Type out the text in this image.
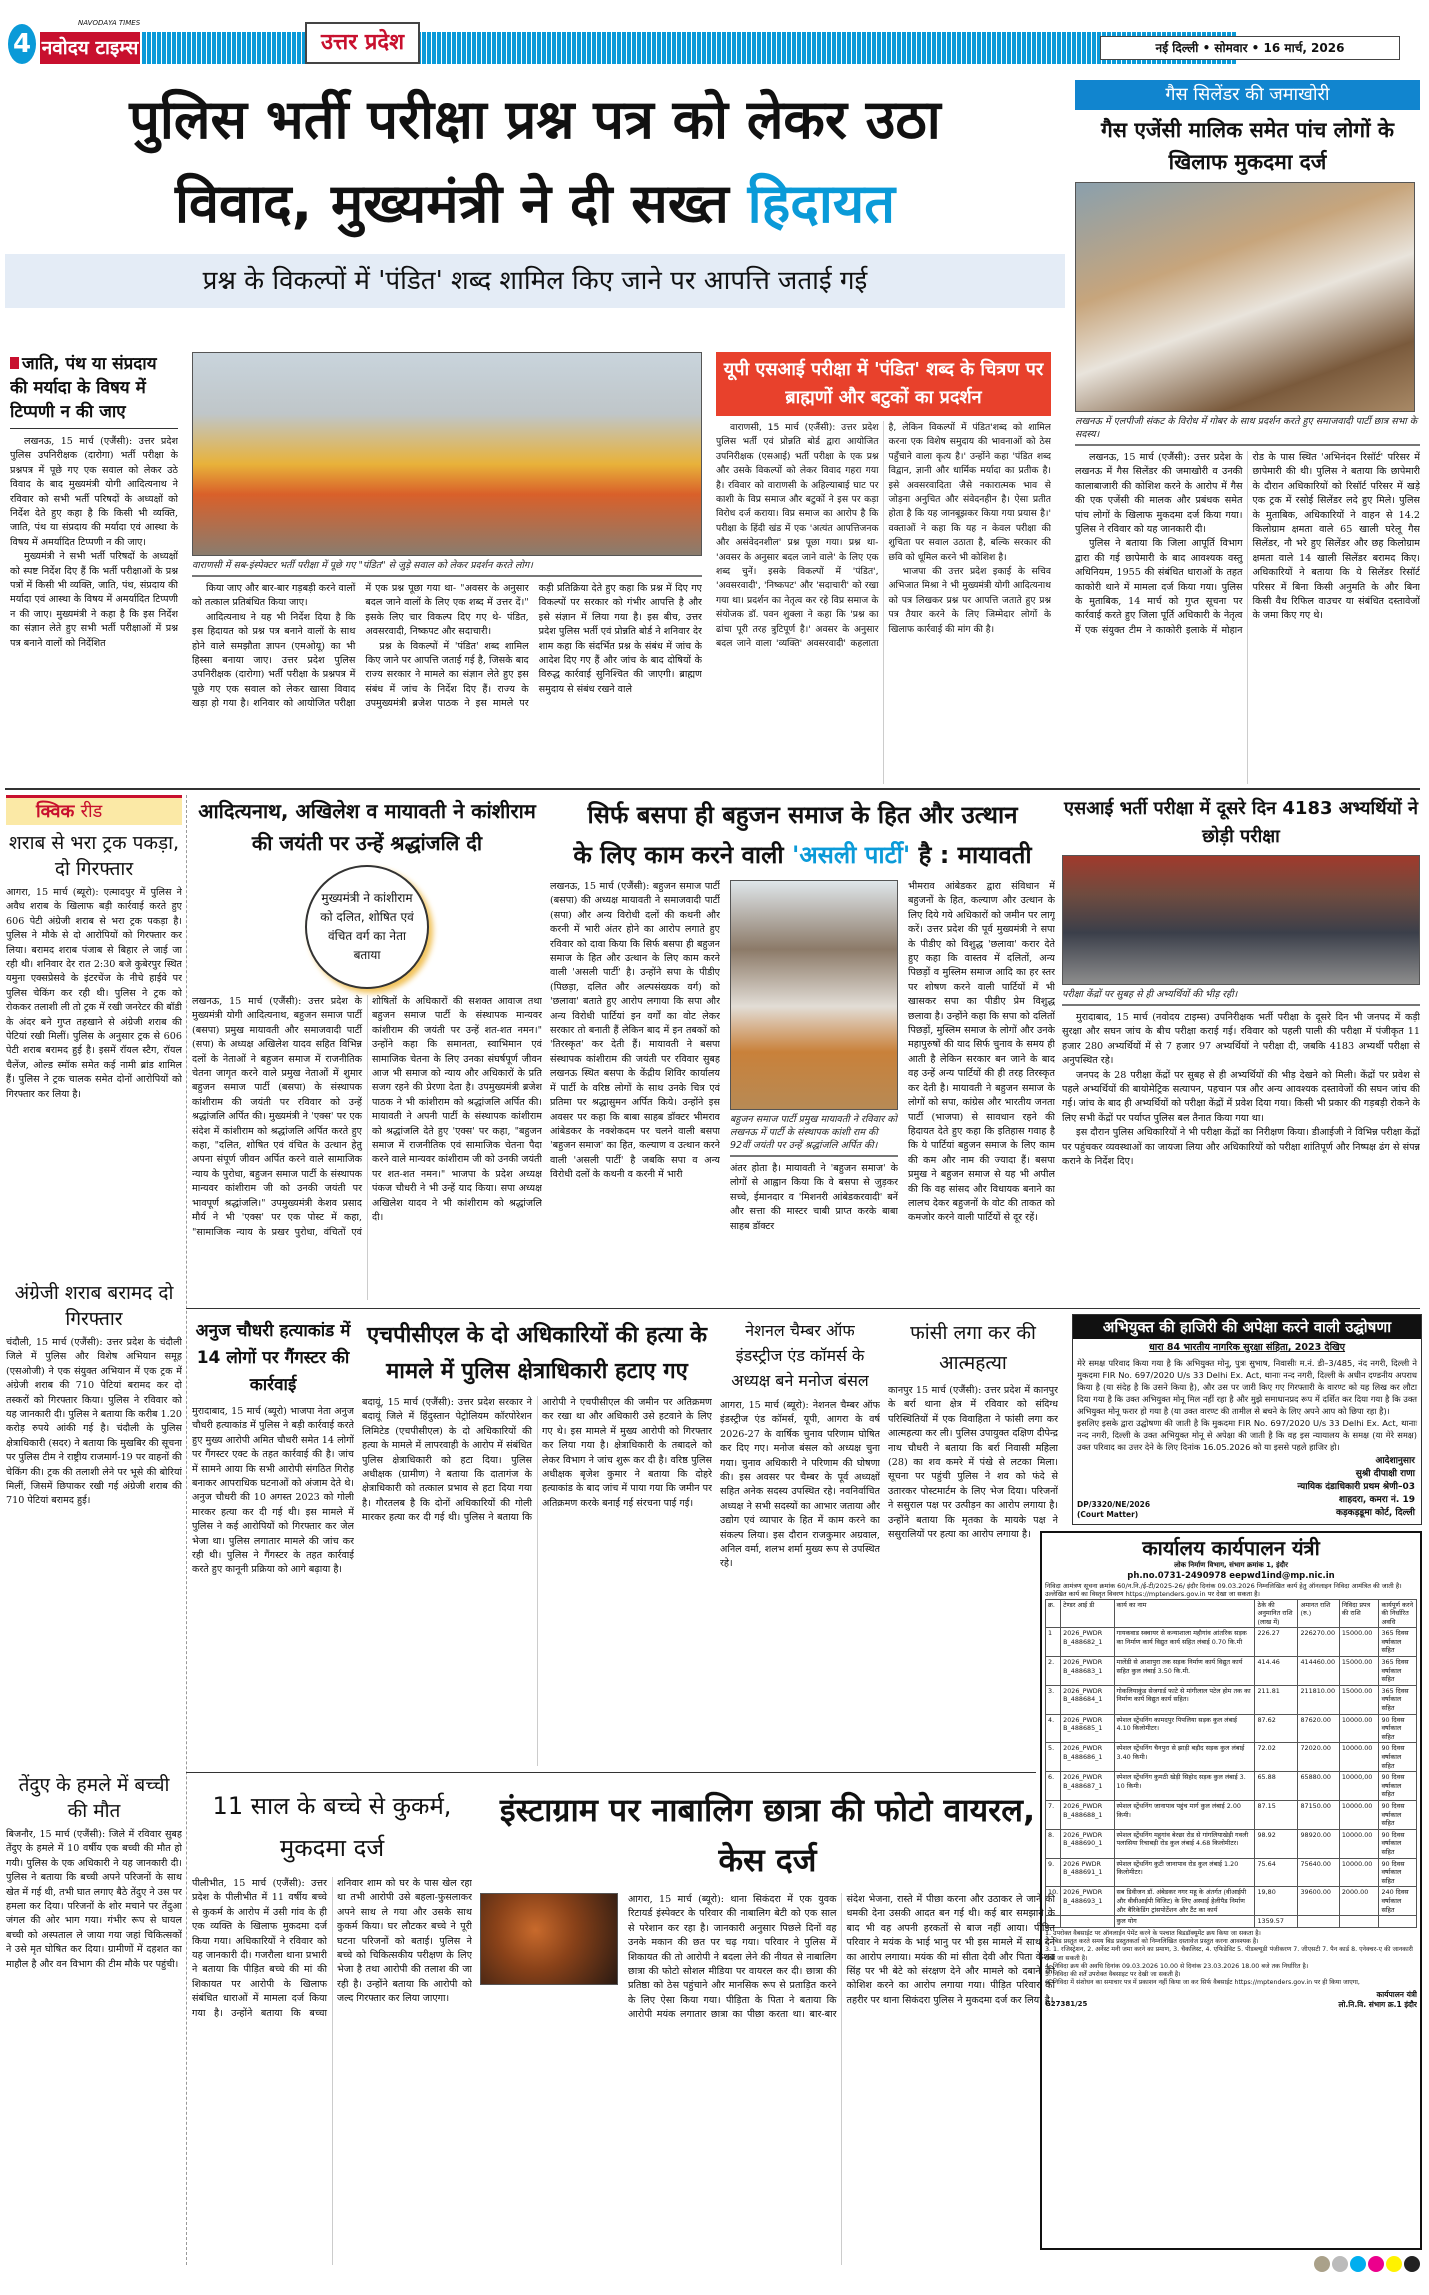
4
NAVODAYA TIMES
नवोदय टाइम्स	उत्तर प्रदेश	नई दिल्ली • सोमवार • 16 मार्च, 2026
पुलिस भर्ती परीक्षा प्रश्न पत्र को लेकर उठा
विवाद, मुख्यमंत्री ने दी सख्त हिदायत
प्रश्न के विकल्पों में 'पंडित' शब्द शामिल किए जाने पर आपत्ति जताई गई
जाति, पंथ या संप्रदाय की मर्यादा के विषय में टिप्पणी न की जाए

लखनऊ, 15 मार्च (एजैंसी): उत्तर प्रदेश पुलिस उपनिरीक्षक (दारोगा) भर्ती परीक्षा के प्रश्नपत्र में पूछे गए एक सवाल को लेकर उठे विवाद के बाद मुख्यमंत्री योगी आदित्यनाथ ने रविवार को सभी भर्ती परिषदों के अध्यक्षों को निर्देश देते हुए कहा है कि किसी भी व्यक्ति, जाति, पंथ या संप्रदाय की मर्यादा एवं आस्था के विषय में अमर्यादित टिप्पणी न की जाए।

मुख्यमंत्री ने सभी भर्ती परिषदों के अध्यक्षों को स्पष्ट निर्देश दिए हैं कि भर्ती परीक्षाओं के प्रश्न पत्रों में किसी भी व्यक्ति, जाति, पंथ, संप्रदाय की मर्यादा एवं आस्था के विषय में अमर्यादित टिप्पणी न की जाए। मुख्यमंत्री ने कहा है कि इस निर्देश का संज्ञान लेते हुए सभी भर्ती परीक्षाओं में प्रश्न पत्र बनाने वालों को निर्देशित

वाराणसी में सब-इंस्पेक्टर भर्ती परीक्षा में पूछे गए "पंडित" से जुड़े सवाल को लेकर प्रदर्शन करते लोग।

किया जाए और बार-बार गड़बड़ी करने वालों को तत्काल प्रतिबंधित किया जाए।

आदित्यनाथ ने यह भी निर्देश दिया है कि इस हिदायत को प्रश्न पत्र बनाने वालों के साथ होने वाले समझौता ज्ञापन (एमओयू) का भी हिस्सा बनाया जाए। उत्तर प्रदेश पुलिस उपनिरीक्षक (दारोगा) भर्ती परीक्षा के प्रश्नपत्र में पूछे गए एक सवाल को लेकर खासा विवाद खड़ा हो गया है। शनिवार को आयोजित परीक्षा में एक प्रश्न पूछा गया था- "अवसर के अनुसार बदल जाने वालों के लिए एक शब्द में उत्तर दें।" इसके लिए चार विकल्प दिए गए थे- पंडित, अवसरवादी, निष्कपट और सदाचारी।

प्रश्न के विकल्पों में 'पंडित' शब्द शामिल किए जाने पर आपत्ति जताई गई है, जिसके बाद राज्य सरकार ने मामले का संज्ञान लेते हुए इस संबंध में जांच के निर्देश दिए हैं। राज्य के उपमुख्यमंत्री ब्रजेश पाठक ने इस मामले पर कड़ी प्रतिक्रिया देते हुए कहा कि प्रश्न में दिए गए विकल्पों पर सरकार को गंभीर आपत्ति है और इसे संज्ञान में लिया गया है। इस बीच, उत्तर प्रदेश पुलिस भर्ती एवं प्रोन्नति बोर्ड ने शनिवार देर शाम कहा कि संदर्भित प्रश्न के संबंध में जांच के आदेश दिए गए हैं और जांच के बाद दोषियों के विरुद्ध कार्रवाई सुनिश्चित की जाएगी। ब्राह्मण समुदाय से संबंध रखने वाले

यूपी एसआई परीक्षा में 'पंडित' शब्द के चित्रण पर ब्राह्मणों और बटुकों का प्रदर्शन

वाराणसी, 15 मार्च (एजैंसी): उत्तर प्रदेश पुलिस भर्ती एवं प्रोन्नति बोर्ड द्वारा आयोजित उपनिरीक्षक (एसआई) भर्ती परीक्षा के एक प्रश्न और उसके विकल्पों को लेकर विवाद गहरा गया है। रविवार को वाराणसी के अहिल्याबाई घाट पर काशी के विप्र समाज और बटुकों ने इस पर कड़ा विरोध दर्ज कराया। विप्र समाज का आरोप है कि परीक्षा के हिंदी खंड में एक 'अत्यंत आपत्तिजनक और असंवेदनशील' प्रश्न पूछा गया। प्रश्न था- 'अवसर के अनुसार बदल जाने वाले' के लिए एक शब्द चुनें। इसके विकल्पों में 'पंडित', 'अवसरवादी', 'निष्कपट' और 'सदाचारी' को रखा गया था। प्रदर्शन का नेतृत्व कर रहे विप्र समाज के संयोजक डॉ. पवन शुक्ला ने कहा कि 'प्रश्न का ढांचा पूरी तरह त्रुटिपूर्ण है।' अवसर के अनुसार बदल जाने वाला 'व्यक्ति' अवसरवादी' कहलाता है, लेकिन विकल्पों में पंडित'शब्द को शामिल करना एक विशेष समुदाय की भावनाओं को ठेस पहुँचाने वाला कृत्य है।' उन्होंने कहा 'पंडित शब्द विद्वान, ज्ञानी और धार्मिक मर्यादा का प्रतीक है। इसे अवसरवादिता जैसे नकारात्मक भाव से जोड़ना अनुचित और संवेदनहीन है। ऐसा प्रतीत होता है कि यह जानबूझकर किया गया प्रयास है।' वक्ताओं ने कहा कि यह न केवल परीक्षा की शुचिता पर सवाल उठाता है, बल्कि सरकार की छवि को धूमिल करने भी कोशिश है।

भाजपा की उत्तर प्रदेश इकाई के सचिव अभिजात मिश्रा ने भी मुख्यमंत्री योगी आदित्यनाथ को पत्र लिखकर प्रश्न पर आपत्ति जताते हुए प्रश्न पत्र तैयार करने के लिए जिम्मेदार लोगों के खिलाफ कार्रवाई की मांग की है।

गैस सिलेंडर की जमाखोरी
गैस एजेंसी मालिक समेत पांच लोगों के खिलाफ मुकदमा दर्ज
लखनऊ में एलपीजी संकट के विरोध में गोबर के साथ प्रदर्शन करते हुए समाजवादी पार्टी छात्र सभा के सदस्य।

लखनऊ, 15 मार्च (एजैंसी): उत्तर प्रदेश के लखनऊ में गैस सिलेंडर की जमाखोरी व उनकी कालाबाजारी की कोशिश करने के आरोप में गैस की एक एजेंसी की मालक और प्रबंधक समेत पांच लोगों के खिलाफ मुकदमा दर्ज किया गया। पुलिस ने रविवार को यह जानकारी दी।

पुलिस ने बताया कि जिला आपूर्ति विभाग द्वारा की गई छापेमारी के बाद आवश्यक वस्तु अधिनियम, 1955 की संबंधित धाराओं के तहत काकोरी थाने में मामला दर्ज किया गया। पुलिस के मुताबिक, 14 मार्च को गुप्त सूचना पर कार्रवाई करते हुए जिला पूर्ति अधिकारी के नेतृत्व में एक संयुक्त टीम ने काकोरी इलाके में मोहान रोड के पास स्थित 'अभिनंदन रिसॉर्ट' परिसर में छापेमारी की थी। पुलिस ने बताया कि छापेमारी के दौरान अधिकारियों को रिसॉर्ट परिसर में खड़े एक ट्रक में रसोई सिलेंडर लदे हुए मिले। पुलिस के मुताबिक, अधिकारियों ने वाहन से 14.2 किलोग्राम क्षमता वाले 65 खाली घरेलू गैस सिलेंडर, नौ भरे हुए सिलेंडर और छह किलोग्राम क्षमता वाले 14 खाली सिलेंडर बरामद किए। अधिकारियों ने बताया कि ये सिलेंडर रिसॉर्ट परिसर में बिना किसी अनुमति के और बिना किसी वैध रिफिल वाउचर या संबंधित दस्तावेजों के जमा किए गए थे।

क्विक रीड
शराब से भरा ट्रक पकड़ा, दो गिरफ्तार
आगरा, 15 मार्च (ब्यूरो): एत्मादपुर में पुलिस ने अवैध शराब के खिलाफ बड़ी कार्रवाई करते हुए 606 पेटी अंग्रेजी शराब से भरा ट्रक पकड़ा है। पुलिस ने मौके से दो आरोपियों को गिरफ्तार कर लिया। बरामद शराब पंजाब से बिहार ले जाई जा रही थी। शनिवार देर रात 2:30 बजे कुबेरपुर स्थित यमुना एक्सप्रेसवे के इंटरचेंज के नीचे हाईवे पर पुलिस चेकिंग कर रही थी। पुलिस ने ट्रक को रोककर तलाशी ली तो ट्रक में रखी जनरेटर की बॉडी के अंदर बने गुप्त तहखाने से अंग्रेजी शराब की पेटियां रखी मिलीं। पुलिस के अनुसार ट्रक से 606 पेटी शराब बरामद हुई है। इसमें रॉयल स्टैग, रॉयल चैलेंज, ओल्ड स्मॉक समेत कई नामी ब्रांड शामिल हैं। पुलिस ने ट्रक चालक समेत दोनों आरोपियों को गिरफ्तार कर लिया है।
अंग्रेजी शराब बरामद दो गिरफ्तार
चंदौली, 15 मार्च (एजैंसी): उत्तर प्रदेश के चंदौली जिले में पुलिस और विशेष अभियान समूह (एसओजी) ने एक संयुक्त अभियान में एक ट्रक में अंग्रेजी शराब की 710 पेटियां बरामद कर दो तस्करों को गिरफ्तार किया। पुलिस ने रविवार को यह जानकारी दी। पुलिस ने बताया कि करीब 1.20 करोड़ रुपये आंकी गई है। चंदौली के पुलिस क्षेत्राधिकारी (सदर) ने बताया कि मुखबिर की सूचना पर पुलिस टीम ने राष्ट्रीय राजमार्ग-19 पर वाहनों की चेकिंग की। ट्रक की तलाशी लेने पर भूसे की बोरियां मिलीं, जिसमें छिपाकर रखी गई अंग्रेजी शराब की 710 पेटियां बरामद हुई।
तेंदुए के हमले में बच्ची की मौत
बिजनौर, 15 मार्च (एजैंसी): जिले में रविवार सुबह तेंदुए के हमले में 10 वर्षीय एक बच्ची की मौत हो गयी। पुलिस के एक अधिकारी ने यह जानकारी दी। पुलिस ने बताया कि बच्ची अपने परिजनों के साथ खेत में गई थी, तभी घात लगाए बैठे तेंदुए ने उस पर हमला कर दिया। परिजनों के शोर मचाने पर तेंदुआ जंगल की ओर भाग गया। गंभीर रूप से घायल बच्ची को अस्पताल ले जाया गया जहां चिकित्सकों ने उसे मृत घोषित कर दिया। ग्रामीणों में दहशत का माहौल है और वन विभाग की टीम मौके पर पहुंची।
आदित्यनाथ, अखिलेश व मायावती ने कांशीराम की जयंती पर उन्हें श्रद्धांजलि दी
मुख्यमंत्री ने कांशीराम को दलित, शोषित एवं वंचित वर्ग का नेता बताया
लखनऊ, 15 मार्च (एजैंसी): उत्तर प्रदेश के मुख्यमंत्री योगी आदित्यनाथ, बहुजन समाज पार्टी (बसपा) प्रमुख मायावती और समाजवादी पार्टी (सपा) के अध्यक्ष अखिलेश यादव सहित विभिन्न दलों के नेताओं ने बहुजन समाज में राजनीतिक चेतना जागृत करने वाले प्रमुख नेताओं में शुमार बहुजन समाज पार्टी (बसपा) के संस्थापक कांशीराम की जयंती पर रविवार को उन्हें श्रद्धांजलि अर्पित की। मुख्यमंत्री ने 'एक्स' पर एक संदेश में कांशीराम को श्रद्धांजलि अर्पित करते हुए कहा, "दलित, शोषित एवं वंचित के उत्थान हेतु अपना संपूर्ण जीवन अर्पित करने वाले सामाजिक न्याय के पुरोधा, बहुजन समाज पार्टी के संस्थापक मान्यवर कांशीराम जी को उनकी जयंती पर भावपूर्ण श्रद्धांजलि।" उपमुख्यमंत्री केशव प्रसाद मौर्य ने भी 'एक्स' पर एक पोस्ट में कहा, "सामाजिक न्याय के प्रखर पुरोधा, वंचितों एवं शोषितों के अधिकारों की सशक्त आवाज तथा बहुजन समाज पार्टी के संस्थापक मान्यवर कांशीराम की जयंती पर उन्हें शत-शत नमन।" उन्होंने कहा कि समानता, स्वाभिमान एवं सामाजिक चेतना के लिए उनका संघर्षपूर्ण जीवन आज भी समाज को न्याय और अधिकारों के प्रति सजग रहने की प्रेरणा देता है। उपमुख्यमंत्री ब्रजेश पाठक ने भी कांशीराम को श्रद्धांजलि अर्पित की। मायावती ने अपनी पार्टी के संस्थापक कांशीराम को श्रद्धांजलि देते हुए 'एक्स' पर कहा, "बहुजन समाज में राजनीतिक एवं सामाजिक चेतना पैदा करने वाले मान्यवर कांशीराम जी को उनकी जयंती पर शत-शत नमन।" भाजपा के प्रदेश अध्यक्ष पंकज चौधरी ने भी उन्हें याद किया। सपा अध्यक्ष अखिलेश यादव ने भी कांशीराम को श्रद्धांजलि दी।
सिर्फ बसपा ही बहुजन समाज के हित और उत्थान
के लिए काम करने वाली 'असली पार्टी' है : मायावती
लखनऊ, 15 मार्च (एजैंसी): बहुजन समाज पार्टी (बसपा) की अध्यक्ष मायावती ने समाजवादी पार्टी (सपा) और अन्य विरोधी दलों की कथनी और करनी में भारी अंतर होने का आरोप लगाते हुए रविवार को दावा किया कि सिर्फ बसपा ही बहुजन समाज के हित और उत्थान के लिए काम करने वाली 'असली पार्टी' है। उन्होंने सपा के पीडीए (पिछड़ा, दलित और अल्पसंख्यक वर्ग) को 'छलावा' बताते हुए आरोप लगाया कि सपा और अन्य विरोधी पार्टियां इन वर्गों का वोट लेकर सरकार तो बनाती हैं लेकिन बाद में इन तबकों को 'तिरस्कृत' कर देती हैं। मायावती ने बसपा संस्थापक कांशीराम की जयंती पर रविवार सुबह लखनऊ स्थित बसपा के केंद्रीय शिविर कार्यालय में पार्टी के वरिष्ठ लोगों के साथ उनके चित्र एवं प्रतिमा पर श्रद्धासुमन अर्पित किये। उन्होंने इस अवसर पर कहा कि बाबा साहब डॉक्टर भीमराव आंबेडकर के नक्शेकदम पर चलने वाली बसपा 'बहुजन समाज' का हित, कल्याण व उत्थान करने वाली 'असली पार्टी' है जबकि सपा व अन्य विरोधी दलों के कथनी व करनी में भारी
बहुजन समाज पार्टी प्रमुख मायावती ने रविवार को लखनऊ में पार्टी के संस्थापक कांशी राम की 92वीं जयंती पर उन्हें श्रद्धांजलि अर्पित की।
अंतर होता है। मायावती ने 'बहुजन समाज' के लोगों से आह्वान किया कि वे बसपा से जुड़कर सच्चे, ईमानदार व 'मिशनरी आंबेडकरवादी' बनें और सत्ता की मास्टर चाबी प्राप्त करके बाबा साहब डॉक्टर
भीमराव आंबेडकर द्वारा संविधान में बहुजनों के हित, कल्याण और उत्थान के लिए दिये गये अधिकारों को जमीन पर लागू करें। उत्तर प्रदेश की पूर्व मुख्यमंत्री ने सपा के पीडीए को विशुद्ध 'छलावा' करार देते हुए कहा कि वास्तव में दलितों, अन्य पिछड़ों व मुस्लिम समाज आदि का हर स्तर पर शोषण करने वाली पार्टियों में भी खासकर सपा का पीडीए प्रेम विशुद्ध छलावा है। उन्होंने कहा कि सपा को दलितों पिछड़ों, मुस्लिम समाज के लोगों और उनके महापुरुषों की याद सिर्फ चुनाव के समय ही आती है लेकिन सरकार बन जाने के बाद वह उन्हें अन्य पार्टियों की ही तरह तिरस्कृत कर देती है। मायावती ने बहुजन समाज के लोगों को सपा, कांग्रेस और भारतीय जनता पार्टी (भाजपा) से सावधान रहने की हिदायत देते हुए कहा कि इतिहास गवाह है कि ये पार्टियां बहुजन समाज के लिए काम की कम और नाम की ज्यादा हैं। बसपा प्रमुख ने बहुजन समाज से यह भी अपील की कि वह सांसद और विधायक बनाने का लालच देकर बहुजनों के वोट की ताकत को कमजोर करने वाली पार्टियों से दूर रहें।
एसआई भर्ती परीक्षा में दूसरे दिन 4183 अभ्यर्थियों ने छोड़ी परीक्षा
परीक्षा केंद्रों पर सुबह से ही अभ्यर्थियों की भीड़ रही।

मुरादाबाद, 15 मार्च (नवोदय टाइम्स) उपनिरीक्षक भर्ती परीक्षा के दूसरे दिन भी जनपद में कड़ी सुरक्षा और सघन जांच के बीच परीक्षा कराई गई। रविवार को पहली पाली की परीक्षा में पंजीकृत 11 हजार 280 अभ्यर्थियों में से 7 हजार 97 अभ्यर्थियों ने परीक्षा दी, जबकि 4183 अभ्यर्थी परीक्षा से अनुपस्थित रहे।

जनपद के 28 परीक्षा केंद्रों पर सुबह से ही अभ्यर्थियों की भीड़ देखने को मिली। केंद्रों पर प्रवेश से पहले अभ्यर्थियों की बायोमेट्रिक सत्यापन, पहचान पत्र और अन्य आवश्यक दस्तावेजों की सघन जांच की गई। जांच के बाद ही अभ्यर्थियों को परीक्षा केंद्रों में प्रवेश दिया गया। किसी भी प्रकार की गड़बड़ी रोकने के लिए सभी केंद्रों पर पर्याप्त पुलिस बल तैनात किया गया था।

इस दौरान पुलिस अधिकारियों ने भी परीक्षा केंद्रों का निरीक्षण किया। डीआईजी ने विभिन्न परीक्षा केंद्रों पर पहुंचकर व्यवस्थाओं का जायजा लिया और अधिकारियों को परीक्षा शांतिपूर्ण और निष्पक्ष ढंग से संपन्न कराने के निर्देश दिए।

अनुज चौधरी हत्याकांड में 14 लोगों पर गैंगस्टर की कार्रवाई
मुरादाबाद, 15 मार्च (ब्यूरो) भाजपा नेता अनुज चौधरी हत्याकांड में पुलिस ने बड़ी कार्रवाई करते हुए मुख्य आरोपी अमित चौधरी समेत 14 लोगों पर गैंगस्टर एक्ट के तहत कार्रवाई की है। जांच में सामने आया कि सभी आरोपी संगठित गिरोह बनाकर आपराधिक घटनाओं को अंजाम देते थे। अनुज चौधरी की 10 अगस्त 2023 को गोली मारकर हत्या कर दी गई थी। इस मामले में पुलिस ने कई आरोपियों को गिरफ्तार कर जेल भेजा था। पुलिस लगातार मामले की जांच कर रही थी। पुलिस ने गैंगस्टर के तहत कार्रवाई करते हुए कानूनी प्रक्रिया को आगे बढ़ाया है।
एचपीसीएल के दो अधिकारियों की हत्या के मामले में पुलिस क्षेत्राधिकारी हटाए गए
बदायूं, 15 मार्च (एजैंसी): उत्तर प्रदेश सरकार ने बदायूं जिले में हिंदुस्तान पेट्रोलियम कॉरपोरेशन लिमिटेड (एचपीसीएल) के दो अधिकारियों की हत्या के मामले में लापरवाही के आरोप में संबंधित पुलिस क्षेत्राधिकारी को हटा दिया। पुलिस अधीक्षक (ग्रामीण) ने बताया कि दातागंज के क्षेत्राधिकारी को तत्काल प्रभाव से हटा दिया गया है। गौरतलब है कि दोनों अधिकारियों की गोली मारकर हत्या कर दी गई थी। पुलिस ने बताया कि आरोपी ने एचपीसीएल की जमीन पर अतिक्रमण कर रखा था और अधिकारी उसे हटवाने के लिए गए थे। इस मामले में मुख्य आरोपी को गिरफ्तार कर लिया गया है। क्षेत्राधिकारी के तबादले को लेकर विभाग ने जांच शुरू कर दी है। वरिष्ठ पुलिस अधीक्षक बृजेश कुमार ने बताया कि दोहरे हत्याकांड के बाद जांच में पाया गया कि जमीन पर अतिक्रमण करके बनाई गई संरचना पाई गई।
नेशनल चैम्बर ऑफ इंडस्ट्रीज एंड कॉमर्स के अध्यक्ष बने मनोज बंसल
आगरा, 15 मार्च (ब्यूरो): नेशनल चैम्बर ऑफ इंडस्ट्रीज एंड कॉमर्स, यूपी, आगरा के वर्ष 2026-27 के वार्षिक चुनाव परिणाम घोषित कर दिए गए। मनोज बंसल को अध्यक्ष चुना गया। चुनाव अधिकारी ने परिणाम की घोषणा की। इस अवसर पर चैम्बर के पूर्व अध्यक्षों सहित अनेक सदस्य उपस्थित रहे। नवनिर्वाचित अध्यक्ष ने सभी सदस्यों का आभार जताया और उद्योग एवं व्यापार के हित में काम करने का संकल्प लिया। इस दौरान राजकुमार अग्रवाल, अनिल वर्मा, शलभ शर्मा मुख्य रूप से उपस्थित रहे।
फांसी लगा कर की आत्महत्या
कानपुर 15 मार्च (एजैंसी): उत्तर प्रदेश में कानपुर के बर्रा थाना क्षेत्र में रविवार को संदिग्ध परिस्थितियों में एक विवाहिता ने फांसी लगा कर आत्महत्या कर ली। पुलिस उपायुक्त दक्षिण दीपेन्द्र नाथ चौधरी ने बताया कि बर्रा निवासी महिला (28) का शव कमरे में पंखे से लटका मिला। सूचना पर पहुंची पुलिस ने शव को फंदे से उतारकर पोस्टमार्टम के लिए भेज दिया। परिजनों ने ससुराल पक्ष पर उत्पीड़न का आरोप लगाया है। उन्होंने बताया कि मृतका के मायके पक्ष ने ससुरालियों पर हत्या का आरोप लगाया है।
अभियुक्त की हाजिरी की अपेक्षा करने वाली उद्घोषणा
धारा 84 भारतीय नागरिक सुरक्षा संहिता, 2023 देखिए
मेरे समक्ष परिवाद किया गया है कि अभियुक्त मोनू, पुत्रः सुभाष, निवासीः म.नं. डी–3/485, नंद नगरी, दिल्ली ने मुकदमा FIR No. 697/2020 U/s 33 Delhi Ex. Act, थानाः नन्द नगरी, दिल्ली के अधीन दण्डनीय अपराध किया है (या संदेह है कि उसने किया है), और उस पर जारी किए गए गिरफ्तारी के वारण्ट को यह लिख कर लौटा दिया गया है कि उक्त अभियुक्त मोनू मिल नहीं रहा है और मुझे समाधानप्रद रूप में दर्शित कर दिया गया है कि उक्त अभियुक्त मोनू फरार हो गया है (या उक्त वारण्ट की तामील से बचने के लिए अपने आप को छिपा रहा है)।
इसलिए इसके द्वारा उद्घोषणा की जाती है कि मुकदमा FIR No. 697/2020 U/s 33 Delhi Ex. Act, थानाः नन्द नगरी, दिल्ली के उक्त अभियुक्त मोनू से अपेक्षा की जाती है कि वह इस न्यायालय के समक्ष (या मेरे समक्ष) उक्त परिवाद का उत्तर देने के लिए दिनांक 16.05.2026 को या इससे पहले हाजिर हो।
DP/3320/NE/2026
(Court Matter)
आदेशानुसार
सुश्री दीपाक्षी राणा
न्यायिक दंडाधिकारी प्रथम श्रेणी–03
शाहदरा, कमरा नं. 19
कड़कड़डूमा कोर्ट, दिल्ली
कार्यालय कार्यपालन यंत्री
लोक निर्माण विभाग, संभाग क्रमांक 1, इंदौर
ph.no.0731-2490978 eepwd1ind@mp.nic.in
निविदा आमंत्रण सूचना क्रमांक 60/न.नि./ई-टी/2025-26/ इंदौर दिनांक 09.03.2026 निम्नलिखित कार्य हेतु ऑनलाइन निविदा आमंत्रित की जाती है। उल्लेखित कार्य का विस्तृत विवरण https://mptenders.gov.in पर देखा जा सकता है।
क्र.	टेण्डर आई डी	कार्य का नाम	ठेके की अनुमानित राशि (लाख में)	अमानत राशि (रु.)	निविदा प्रपत्र की राशि	कार्यपूर्ण करने की निर्धारित अवधि
1	2026_PWDR B_488682_1	गायकवाड स्क्वायर से कन्याशाला महौगांव आंतरिक सड़क का निर्माण कार्य विद्युत कार्य सहित लंबाई 0.70 कि.मी	226.27	226270.00	15000.00	365 दिवस वर्षाकाल सहित
2.	2026_PWDR B_488683_1	मालेंडी से आशापुरा तक सड़क निर्माण कार्य विद्युत कार्य सहित कुल लंबाई 3.50 कि.मी.	414.46	414460.00	15000.00	365 दिवस वर्षाकाल सहित
3.	2026_PWDR B_488684_1	गोकलियाकुंड सेजगार्ड फाटे से मांगीलाल पटेल होम तक का निर्माण कार्य विद्युत कार्य सहित।	211.81	211810.00	15000.00	365 दिवस वर्षाकाल सहित
4.	2026_PWDR B_488685_1	स्पेशल स्ट्रेंथनिंग कामदपुर पिपलिया सड़क कुल लंबाई 4.10 किलोमीटर।	87.62	87620.00	10000.00	90 दिवस वर्षाकाल सहित
5.	2026_PWDR B_488686_1	स्पेशल स्ट्रेंथनिंग चैनपुरा से झाड़ी बड़ौद सड़क कुल लंबाई 3.40 किमी।	72.02	72020.00	10000.00	90 दिवस वर्षाकाल सहित
6.	2026_PWDR B_488687_1	स्पेशल स्ट्रेंथनिंग कुमठी खेड़ी सिहोद सड़क कुल लंबाई 3. 10 किमी।	65.88	65880.00	10000,00	90 दिवस वर्षाकाल सहित
7.	2026_PWDR B_488688_1	स्पेशल स्ट्रेंथनिंग जानापाव पहुंच मार्ग कुल लंबाई 2.00 किमी।	87.15	87150.00	10000.00	90 दिवस वर्षाकाल सहित
8.	2026_PWDR B_488690_1	स्पेशल स्ट्रेंथनिंग महूगांव बेरछा रोड से गांगलियाखेड़ी गवली पलासिया रिचाबड़ी रोड कुल लंबाई 4.68 किलोमीटर।	98.92	98920.00	10000.00	90 दिवस वर्षाकाल सहित
9.	2026 PWDR B_488691_1	स्पेशल स्ट्रेंथनिंग कुटी जानापाव रोड कुल लंबाई 1.20 किलोमीटर।	75.64	75640.00	10000.00	90 दिवस वर्षाकाल सहित
10.	2026_PWDR B_488693_1	सब डिवीजन डॉ. अंबेडकर नगर महू के अंतर्गत (वीआईपी और वीवीआईपी विजिट) के लिए अस्थाई हेलीपैड निर्माण और बैरिकेडिंग ट्रांसपोर्टेशन और टैंट का कार्य	19,80	39600.00	2000.00	240 दिवस वर्षाकाल सहित
		कुल योग	1359.57			
1. उपरोक्त वैबसाईट पर ऑनलाईन पेमेंट करने के पश्चात बिडडॉक्यूमेंट क्रय किया जा सकता है।
2. बिड प्रस्तुत करते समय बिड प्रस्तुतकर्ता को निम्नलिखित दस्तावेज प्रस्तुत करना आवश्यक है।
3. 1. रजिस्ट्रेशन, 2. अर्नेस्ट मनी जमा करने का प्रमाण, 3. चैकलिस्ट, 4. एफिडेविट 5. पीडब्ल्यूडी पंजीकरण 7. जीएसटी 7. पैन कार्ड 8. एनेक्चर-ए की जानकारी देखी जा सकती है।
4. निविदा क्रय की अवधि दिनांक 09.03.2026 10.00 से दिनांक 23.03.2026 18.00 बजे तक निर्धारित है।
5. निविदा की शर्तें उपरोक्त वैबसाइट पर देखी जा सकती है।
6. निविदा में संशोधन का समाचार पत्र में प्रकाशन नहीं किया जा कर सिर्फ वैबसाईट https://mptenders.gov.in पर ही किया जाएगा,
G27381/25
कार्यपालन यंत्री
लो.नि.वि. संभाग क्र.1 इंदौर
11 साल के बच्चे से कुकर्म, मुकदमा दर्ज
पीलीभीत, 15 मार्च (एजैंसी): उत्तर प्रदेश के पीलीभीत में 11 वर्षीय बच्चे से कुकर्म के आरोप में उसी गांव के ही एक व्यक्ति के खिलाफ मुकदमा दर्ज किया गया। अधिकारियों ने रविवार को यह जानकारी दी। गजरौला थाना प्रभारी ने बताया कि पीड़ित बच्चे की मां की शिकायत पर आरोपी के खिलाफ संबंधित धाराओं में मामला दर्ज किया गया है। उन्होंने बताया कि बच्चा शनिवार शाम को घर के पास खेल रहा था तभी आरोपी उसे बहला-फुसलाकर अपने साथ ले गया और उसके साथ कुकर्म किया। घर लौटकर बच्चे ने पूरी घटना परिजनों को बताई। पुलिस ने बच्चे को चिकित्सकीय परीक्षण के लिए भेजा है तथा आरोपी की तलाश की जा रही है। उन्होंने बताया कि आरोपी को जल्द गिरफ्तार कर लिया जाएगा।
इंस्टाग्राम पर नाबालिग छात्रा की फोटो वायरल, केस दर्ज
आगरा, 15 मार्च (ब्यूरो): थाना सिकंदरा में एक युवक रिटायर्ड इंस्पेक्टर के परिवार की नाबालिग बेटी को एक साल से परेशान कर रहा है। जानकारी अनुसार पिछले दिनों वह उनके मकान की छत पर चढ़ गया। परिवार ने पुलिस में शिकायत की तो आरोपी ने बदला लेने की नीयत से नाबालिग छात्रा की फोटो सोशल मीडिया पर वायरल कर दी। छात्रा की प्रतिष्ठा को ठेस पहुंचाने और मानसिक रूप से प्रताड़ित करने के लिए ऐसा किया गया। पीड़िता के पिता ने बताया कि आरोपी मयंक लगातार छात्रा का पीछा करता था। बार-बार संदेश भेजना, रास्ते में पीछा करना और उठाकर ले जाने की धमकी देना उसकी आदत बन गई थी। कई बार समझाने के बाद भी वह अपनी हरकतों से बाज नहीं आया। पीड़ित परिवार ने मयंक के भाई भानु पर भी इस मामले में साथ देने का आरोप लगाया। मयंक की मां सीता देवी और पिता केशव सिंह पर भी बेटे को संरक्षण देने और मामले को दबाने की कोशिश करने का आरोप लगाया गया। पीड़ित परिवार की तहरीर पर थाना सिकंदरा पुलिस ने मुकदमा दर्ज कर लिया है।
